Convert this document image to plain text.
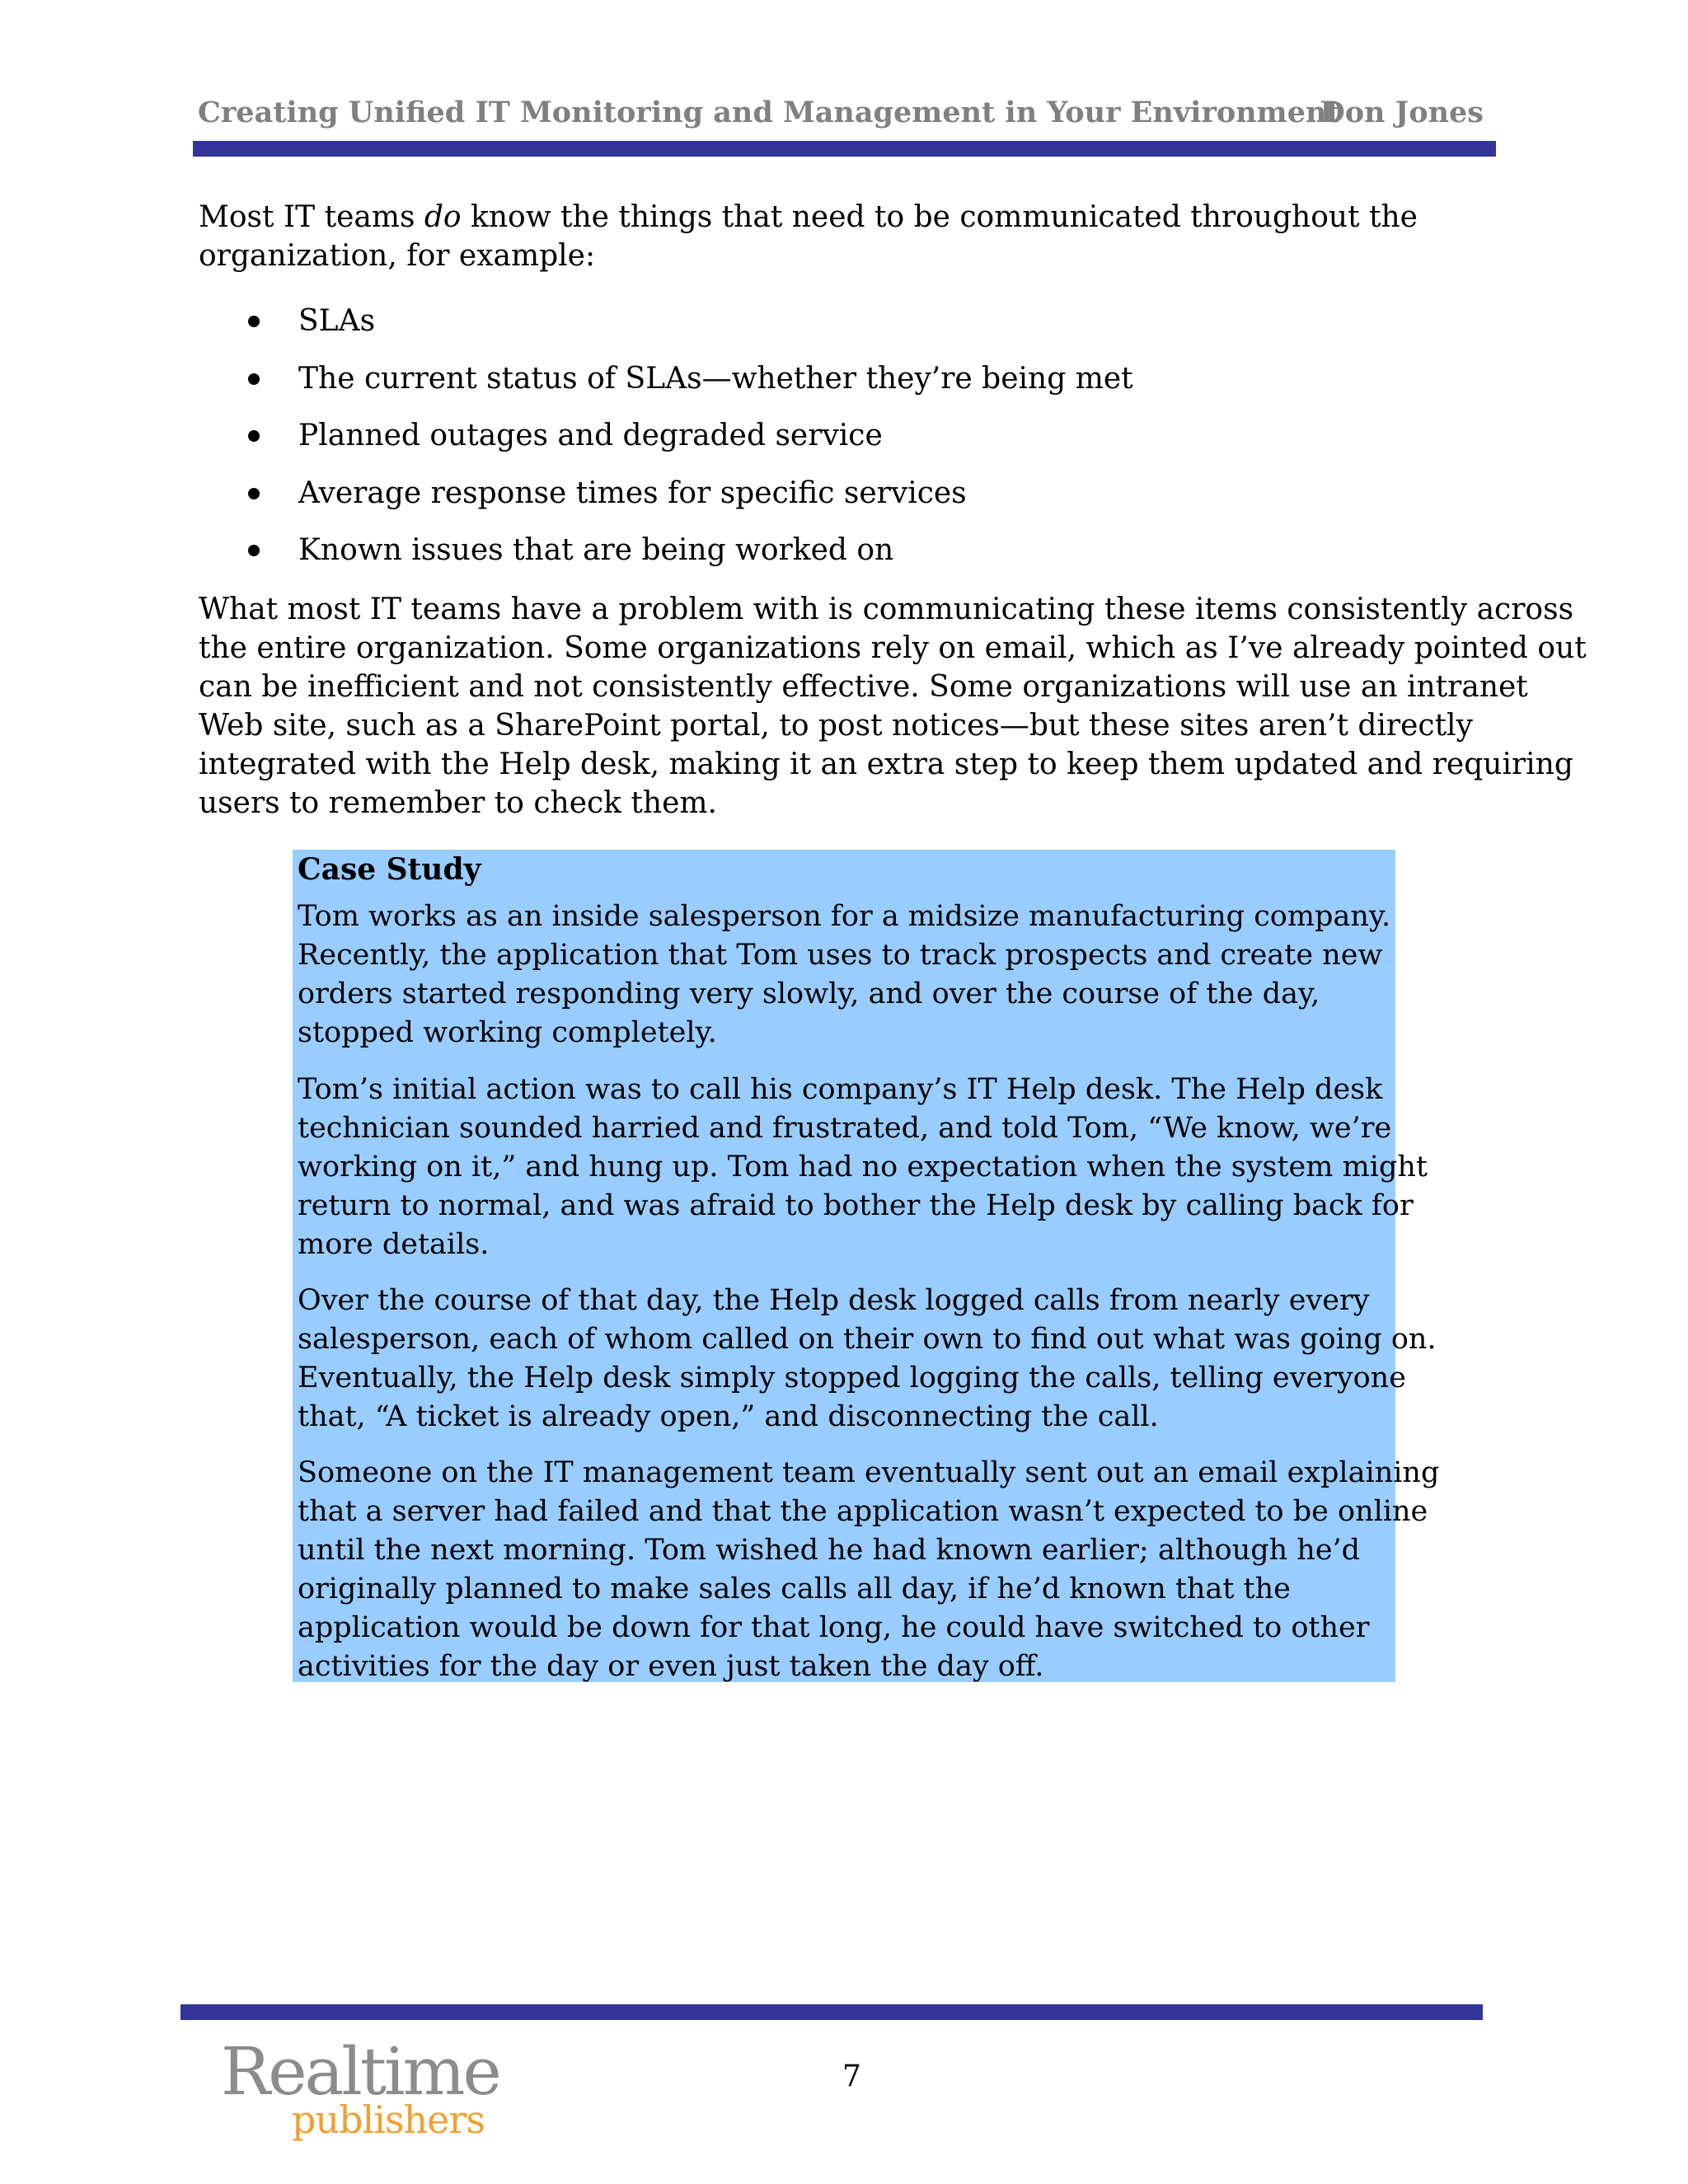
Creating Unified IT Monitoring and Management in Your Environment
Don Jones

Most IT teams do know the things that need to be communicated throughout the
organization, for example:

SLAs
The current status of SLAs—whether they’re being met
Planned outages and degraded service
Average response times for specific services
Known issues that are being worked on

What most IT teams have a problem with is communicating these items consistently across
the entire organization. Some organizations rely on email, which as I’ve already pointed out
can be inefficient and not consistently effective. Some organizations will use an intranet
Web site, such as a SharePoint portal, to post notices—but these sites aren’t directly
integrated with the Help desk, making it an extra step to keep them updated and requiring
users to remember to check them.

Case Study

Tom works as an inside salesperson for a midsize manufacturing company.
Recently, the application that Tom uses to track prospects and create new
orders started responding very slowly, and over the course of the day,
stopped working completely.

Tom’s initial action was to call his company’s IT Help desk. The Help desk
technician sounded harried and frustrated, and told Tom, “We know, we’re
working on it,” and hung up. Tom had no expectation when the system might
return to normal, and was afraid to bother the Help desk by calling back for
more details.

Over the course of that day, the Help desk logged calls from nearly every
salesperson, each of whom called on their own to find out what was going on.
Eventually, the Help desk simply stopped logging the calls, telling everyone
that, “A ticket is already open,” and disconnecting the call.

Someone on the IT management team eventually sent out an email explaining
that a server had failed and that the application wasn’t expected to be online
until the next morning. Tom wished he had known earlier; although he’d
originally planned to make sales calls all day, if he’d known that the
application would be down for that long, he could have switched to other
activities for the day or even just taken the day off.

Realtime
publishers
7
